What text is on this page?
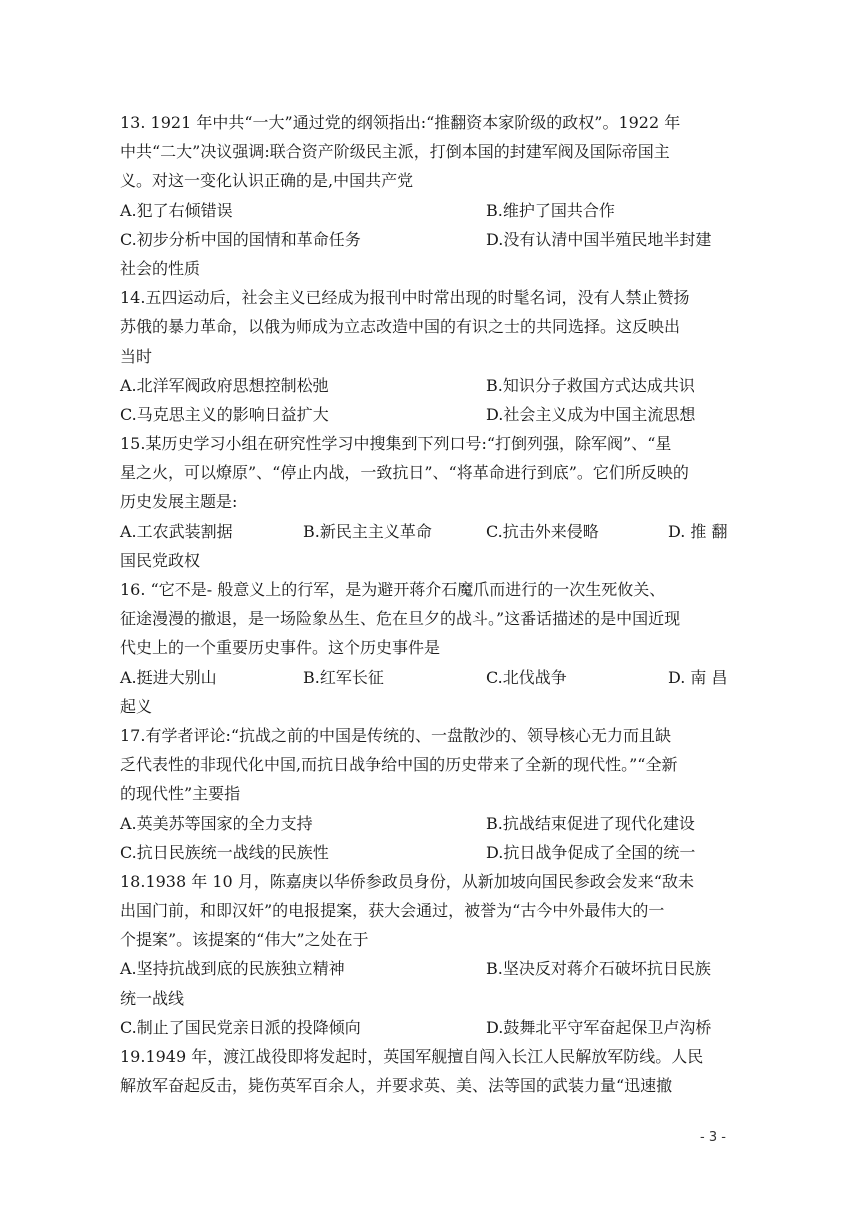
13. 1921 年中共“一大”通过党的纲领指出:“推翻资本家阶级的政权”。1922 年
中共“二大”决议强调:联合资产阶级民主派，打倒本国的封建军阀及国际帝国主
义。对这一变化认识正确的是,中国共产党
A.犯了右倾错误	B.维护了国共合作
C.初步分析中国的国情和革命任务	D.没有认清中国半殖民地半封建
社会的性质
14.五四运动后，社会主义已经成为报刊中时常出现的时髦名词，没有人禁止赞扬
苏俄的暴力革命，以俄为师成为立志改造中国的有识之士的共同选择。这反映出
当时
A.北洋军阀政府思想控制松弛	B.知识分子救国方式达成共识
C.马克思主义的影响日益扩大	D.社会主义成为中国主流思想
15.某历史学习小组在研究性学习中搜集到下列口号:“打倒列强，除军阀”、“星
星之火，可以燎原”、“停止内战，一致抗日”、“将革命进行到底”。它们所反映的
历史发展主题是:
A.工农武装割据	B.新民主主义革命	C.抗击外来侵略	D. 推 翻
国民党政权
16. “它不是- 般意义上的行军，是为避开蒋介石魔爪而进行的一次生死攸关、
征途漫漫的撤退，是一场险象丛生、危在旦夕的战斗。”这番话描述的是中国近现
代史上的一个重要历史事件。这个历史事件是
A.挺进大别山	B.红军长征	C.北伐战争	D. 南 昌
起义
17.有学者评论:“抗战之前的中国是传统的、一盘散沙的、领导核心无力而且缺
乏代表性的非现代化中国,而抗日战争给中国的历史带来了全新的现代性。”“全新
的现代性”主要指
A.英美苏等国家的全力支持	B.抗战结束促进了现代化建设
C.抗日民族统一战线的民族性	D.抗日战争促成了全国的统一
18.1938 年 10 月，陈嘉庚以华侨参政员身份，从新加坡向国民参政会发来“敌未
出国门前，和即汉奸”的电报提案，获大会通过，被誉为“古今中外最伟大的一
个提案”。该提案的“伟大”之处在于
A.坚持抗战到底的民族独立精神	B.坚决反对蒋介石破坏抗日民族
统一战线
C.制止了国民党亲日派的投降倾向	D.鼓舞北平守军奋起保卫卢沟桥
19.1949 年，渡江战役即将发起时，英国军舰擅自闯入长江人民解放军防线。人民
解放军奋起反击，毙伤英军百余人，并要求英、美、法等国的武装力量“迅速撤
- 3 -
